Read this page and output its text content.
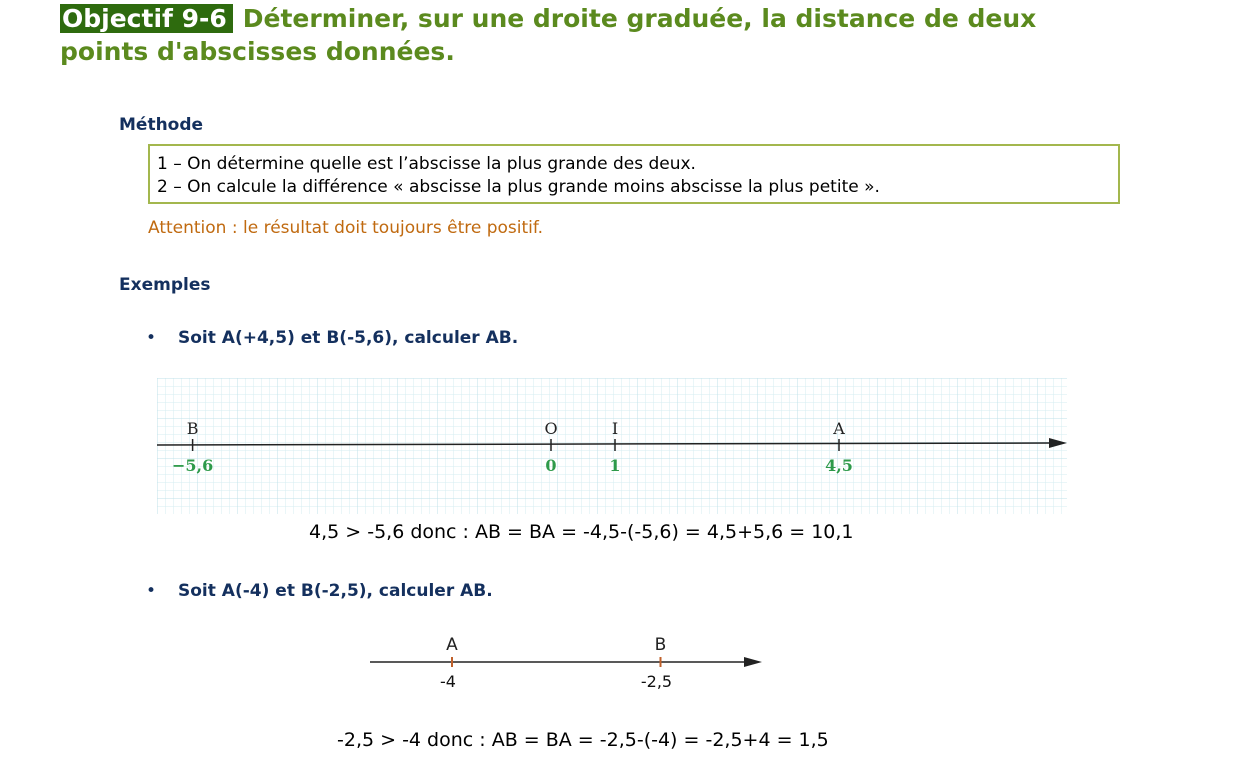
Objectif 9-6 Déterminer, sur une droite graduée, la distance de deux
points d'abscisses données.
Méthode
1 – On détermine quelle est l’abscisse la plus grande des deux.
2 – On calcule la différence « abscisse la plus grande moins abscisse la plus petite ».
Attention : le résultat doit toujours être positif.
Exemples
• Soit A(+4,5) et B(-5,6), calculer AB.
B
−5,6
O
0
I
1
A
4,5
4,5 > -5,6 donc : AB = BA = -4,5-(-5,6) = 4,5+5,6 = 10,1
• Soit A(-4) et B(-2,5), calculer AB.
A
-4
B
-2,5
-2,5 > -4 donc : AB = BA = -2,5-(-4) = -2,5+4 = 1,5
